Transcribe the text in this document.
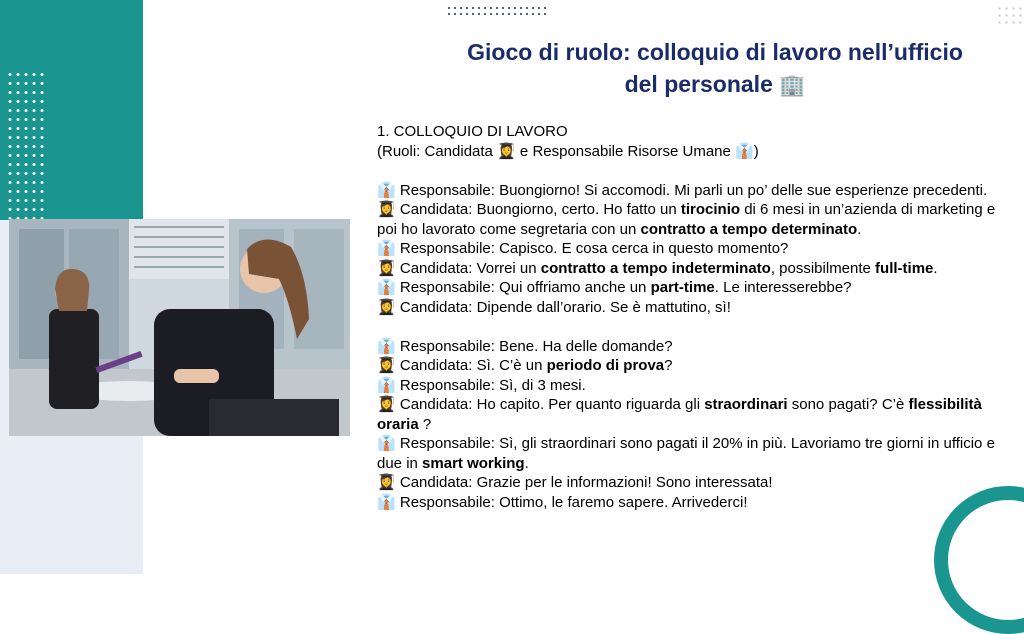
Gioco di ruolo: colloquio di lavoro nell’ufficio
del personale 🏢

1. COLLOQUIO DI LAVORO

(Ruoli: Candidata 👩‍🎓 e Responsabile Risorse Umane 👔)

👔 Responsabile: Buongiorno! Si accomodi. Mi parli un po’ delle sue esperienze precedenti.

👩‍🎓 Candidata: Buongiorno, certo. Ho fatto un tirocinio di 6 mesi in un’azienda di marketing e poi ho lavorato come segretaria con un contratto a tempo determinato.

👔 Responsabile: Capisco. E cosa cerca in questo momento?

👩‍🎓 Candidata: Vorrei un contratto a tempo indeterminato, possibilmente full-time.

👔 Responsabile: Qui offriamo anche un part-time. Le interesserebbe?

👩‍🎓 Candidata: Dipende dall’orario. Se è mattutino, sì!

👔 Responsabile: Bene. Ha delle domande?

👩‍🎓 Candidata: Sì. C’è un periodo di prova?

👔 Responsabile: Sì, di 3 mesi.

👩‍🎓 Candidata: Ho capito. Per quanto riguarda gli straordinari sono pagati? C’è flessibilità oraria ?

👔 Responsabile: Sì, gli straordinari sono pagati il 20% in più. Lavoriamo tre giorni in ufficio e due in smart working.

👩‍🎓 Candidata: Grazie per le informazioni! Sono interessata!

👔 Responsabile: Ottimo, le faremo sapere. Arrivederci!
